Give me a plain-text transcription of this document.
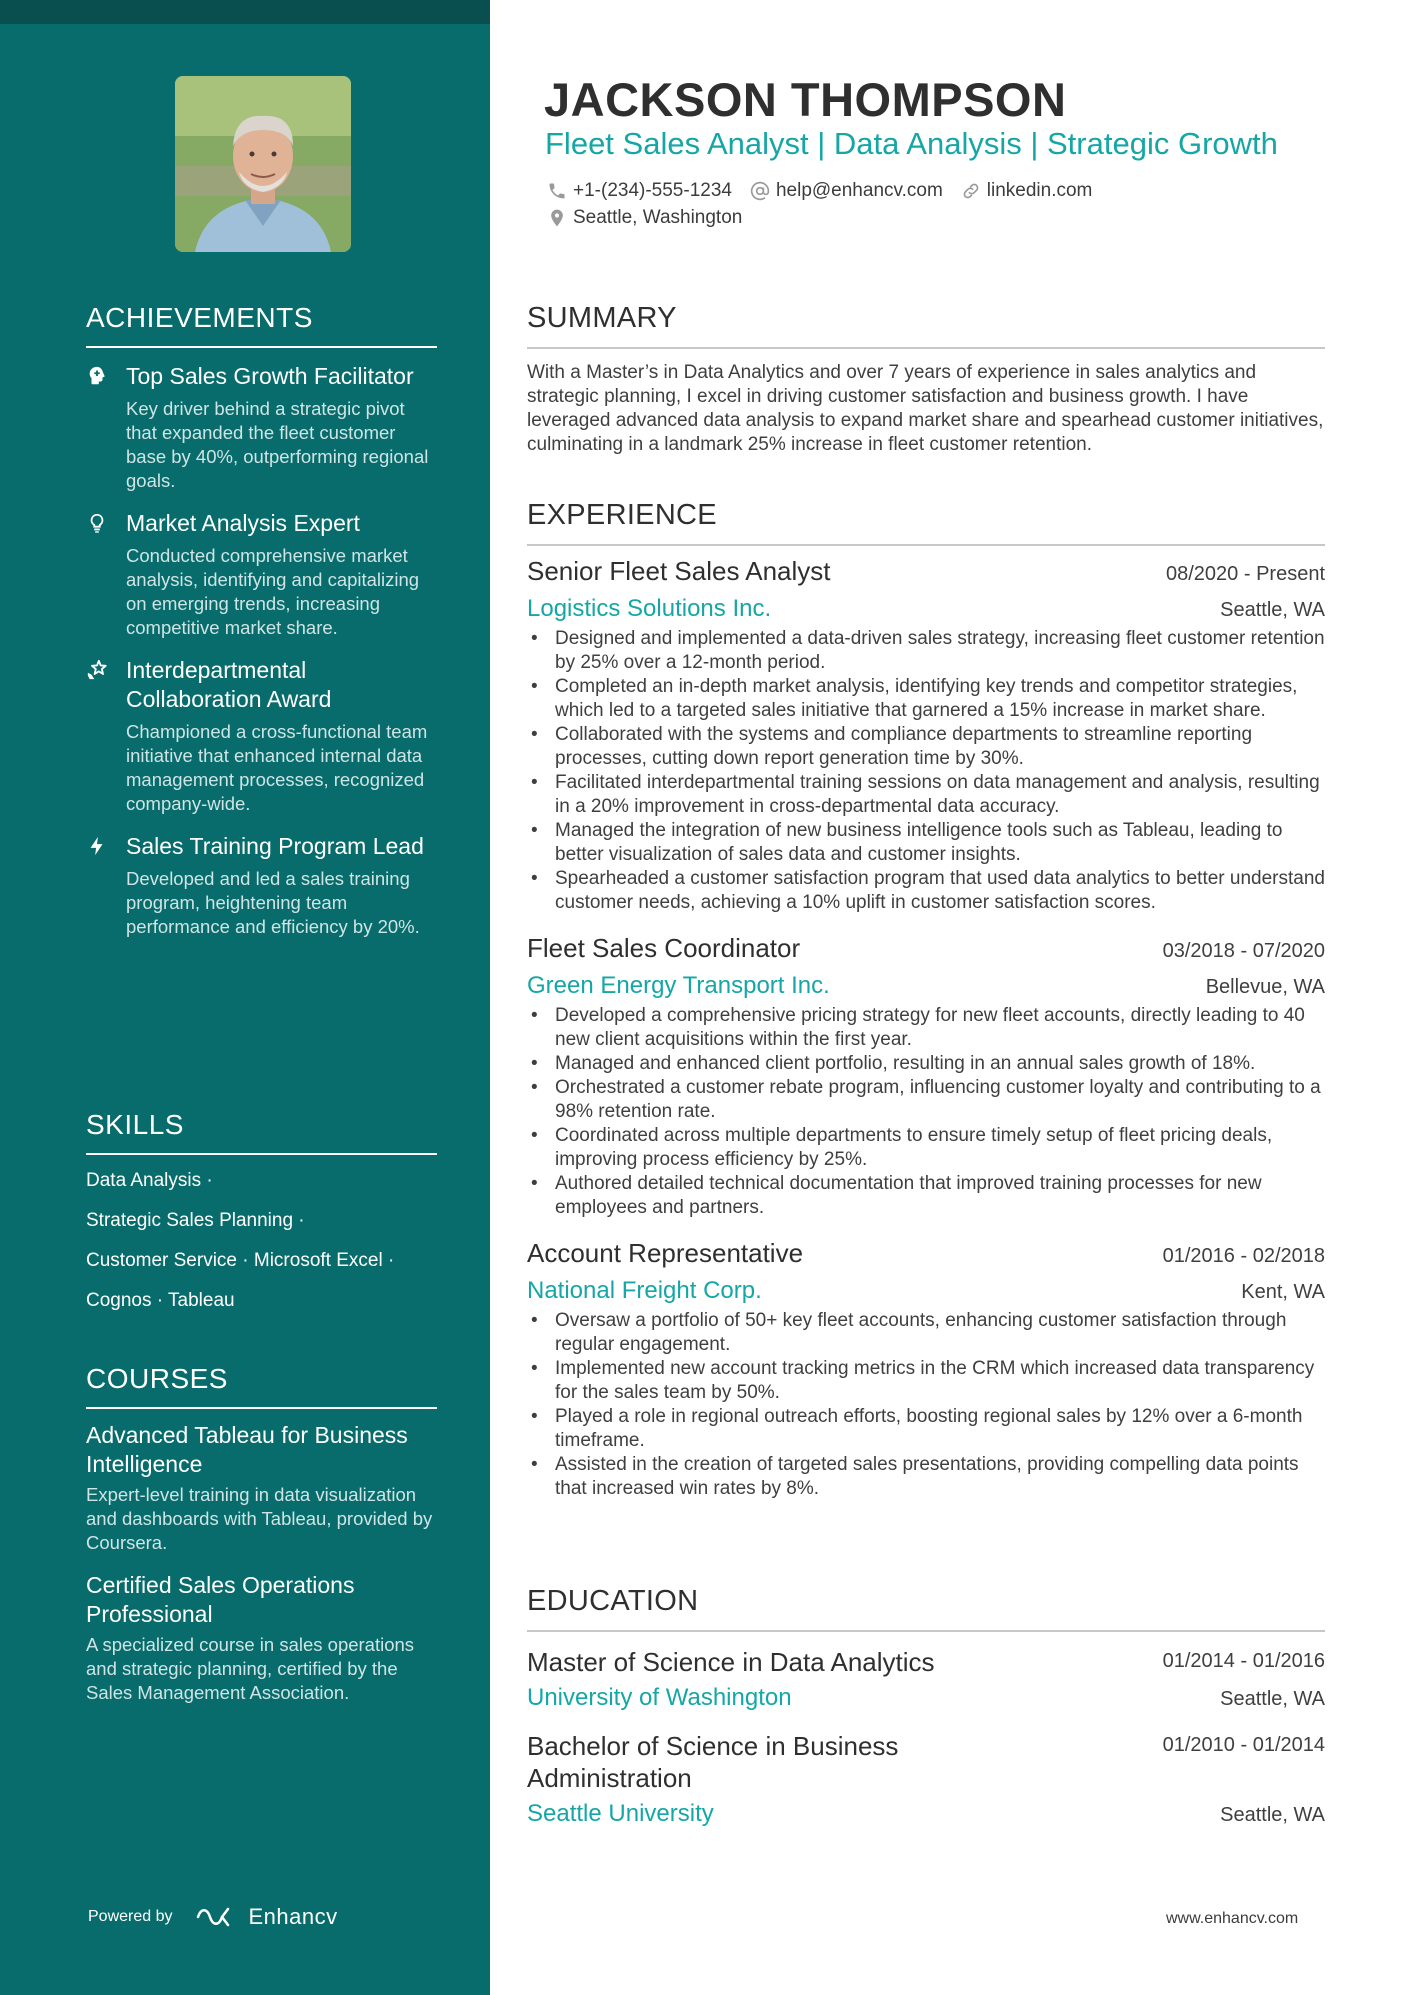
ACHIEVEMENTS
Top Sales Growth Facilitator
Key driver behind a strategic pivot that expanded the fleet customer base by 40%, outperforming regional goals.
Market Analysis Expert
Conducted comprehensive market analysis, identifying and capitalizing on emerging trends, increasing competitive market share.
Interdepartmental Collaboration Award
Championed a cross-functional team initiative that enhanced internal data management processes, recognized company-wide.
Sales Training Program Lead
Developed and led a sales training program, heightening team performance and efficiency by 20%.
SKILLS
Data Analysis ·
Strategic Sales Planning ·
Customer Service · Microsoft Excel ·
Cognos · Tableau
COURSES
Advanced Tableau for Business Intelligence
Expert-level training in data visualization and dashboards with Tableau, provided by Coursera.
Certified Sales Operations Professional
A specialized course in sales operations and strategic planning, certified by the Sales Management Association.
Powered by	Enhancv
JACKSON THOMPSON
Fleet Sales Analyst | Data Analysis | Strategic Growth
+1-(234)-555-1234 help@enhancv.com linkedin.com
Seattle, Washington
SUMMARY
With a Master’s in Data Analytics and over 7 years of experience in sales analytics and strategic planning, I excel in driving customer satisfaction and business growth. I have leveraged advanced data analysis to expand market share and spearhead customer initiatives, culminating in a landmark 25% increase in fleet customer retention.
EXPERIENCE
Senior Fleet Sales Analyst	08/2020 - Present
Logistics Solutions Inc.	Seattle, WA
• Designed and implemented a data-driven sales strategy, increasing fleet customer retention by 25% over a 12-month period.
• Completed an in-depth market analysis, identifying key trends and competitor strategies, which led to a targeted sales initiative that garnered a 15% increase in market share.
• Collaborated with the systems and compliance departments to streamline reporting processes, cutting down report generation time by 30%.
• Facilitated interdepartmental training sessions on data management and analysis, resulting in a 20% improvement in cross-departmental data accuracy.
• Managed the integration of new business intelligence tools such as Tableau, leading to better visualization of sales data and customer insights.
• Spearheaded a customer satisfaction program that used data analytics to better understand customer needs, achieving a 10% uplift in customer satisfaction scores.
Fleet Sales Coordinator	03/2018 - 07/2020
Green Energy Transport Inc.	Bellevue, WA
• Developed a comprehensive pricing strategy for new fleet accounts, directly leading to 40 new client acquisitions within the first year.
• Managed and enhanced client portfolio, resulting in an annual sales growth of 18%.
• Orchestrated a customer rebate program, influencing customer loyalty and contributing to a 98% retention rate.
• Coordinated across multiple departments to ensure timely setup of fleet pricing deals, improving process efficiency by 25%.
• Authored detailed technical documentation that improved training processes for new employees and partners.
Account Representative	01/2016 - 02/2018
National Freight Corp.	Kent, WA
• Oversaw a portfolio of 50+ key fleet accounts, enhancing customer satisfaction through regular engagement.
• Implemented new account tracking metrics in the CRM which increased data transparency for the sales team by 50%.
• Played a role in regional outreach efforts, boosting regional sales by 12% over a 6-month timeframe.
• Assisted in the creation of targeted sales presentations, providing compelling data points that increased win rates by 8%.
EDUCATION
Master of Science in Data Analytics	01/2014 - 01/2016
University of Washington	Seattle, WA
Bachelor of Science in Business Administration
01/2010 - 01/2014
Seattle University	Seattle, WA
www.enhancv.com
